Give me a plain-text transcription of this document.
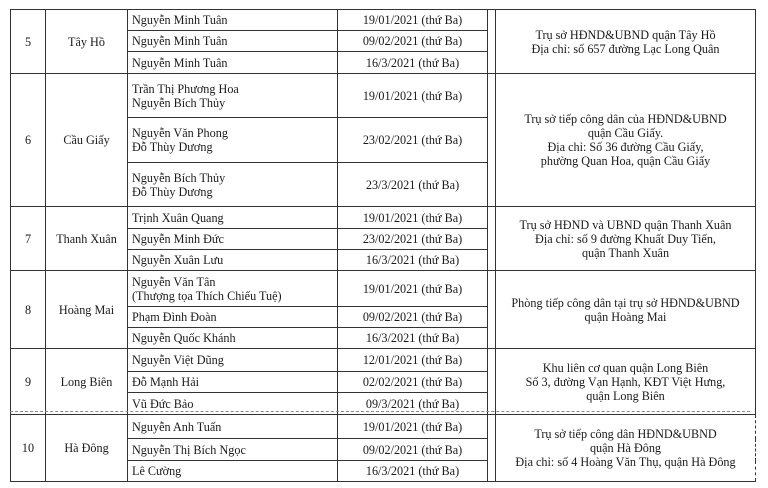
5	Tây Hồ	Nguyễn Minh Tuân	19/01/2021 (thứ Ba)		Trụ sở HĐND&UBND quận Tây Hồ
Địa chỉ: số 657 đường Lạc Long Quân

		Nguyễn Minh Tuân	09/02/2021 (thứ Ba)		

		Nguyễn Minh Tuân	16/3/2021 (thứ Ba)		
6	Cầu Giấy	Trần Thị Phương Hoa
Nguyễn Bích Thủy	19/01/2021 (thứ Ba)		Trụ sở tiếp công dân của HĐND&UBND
quận Cầu Giấy.
Địa chỉ: Số 36 đường Cầu Giấy,
phường Quan Hoa, quận Cầu Giấy

		Nguyễn Văn Phong
Đỗ Thùy Dương	23/02/2021 (thứ Ba)		

		Nguyễn Bích Thủy
Đỗ Thùy Dương	23/3/2021 (thứ Ba)		
7	Thanh Xuân	Trịnh Xuân Quang	19/01/2021 (thứ Ba)		Trụ sở HĐND và UBND quận Thanh Xuân
Địa chỉ: số 9 đường Khuất Duy Tiến,
quận Thanh Xuân

		Nguyễn Minh Đức	23/02/2021 (thứ Ba)		

		Nguyễn Xuân Lưu	16/3/2021 (thứ Ba)		
8	Hoàng Mai	Nguyễn Văn Tân
(Thượng tọa Thích Chiếu Tuệ)	19/01/2021 (thứ Ba)		Phòng tiếp công dân tại trụ sở HĐND&UBND
quận Hoàng Mai

		Phạm Đình Đoàn	09/02/2021 (thứ Ba)		

		Nguyễn Quốc Khánh	16/3/2021 (thứ Ba)		
9	Long Biên	Nguyễn Việt Dũng	12/01/2021 (thứ Ba)		Khu liên cơ quan quận Long Biên
Số 3, đường Vạn Hạnh, KĐT Việt Hưng,
quận Long Biên

		Đỗ Mạnh Hải	02/02/2021 (thứ Ba)		

		Vũ Đức Bảo	09/3/2021 (thứ Ba)		
10	Hà Đông	Nguyễn Anh Tuấn	19/01/2021 (thứ Ba)		Trụ sở tiếp công dân HĐND&UBND
quận Hà Đông
Địa chỉ: số 4 Hoàng Văn Thụ, quận Hà Đông

		Nguyễn Thị Bích Ngọc	09/02/2021 (thứ Ba)		

		Lê Cường	16/3/2021 (thứ Ba)		
